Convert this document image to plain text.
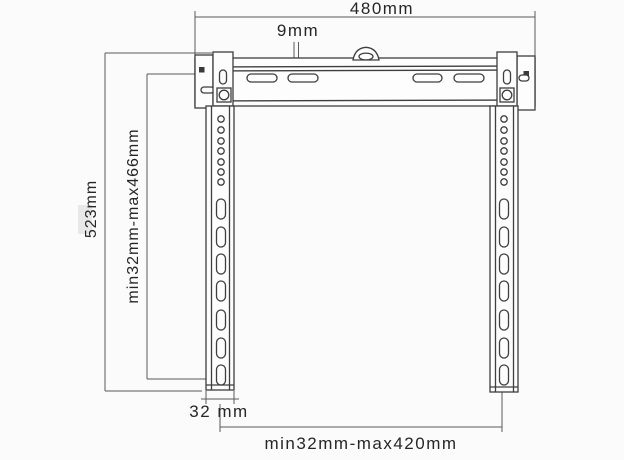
480mm
9mm
523mm min32mm-max466mm
32 mm
min32mm-max420mm
